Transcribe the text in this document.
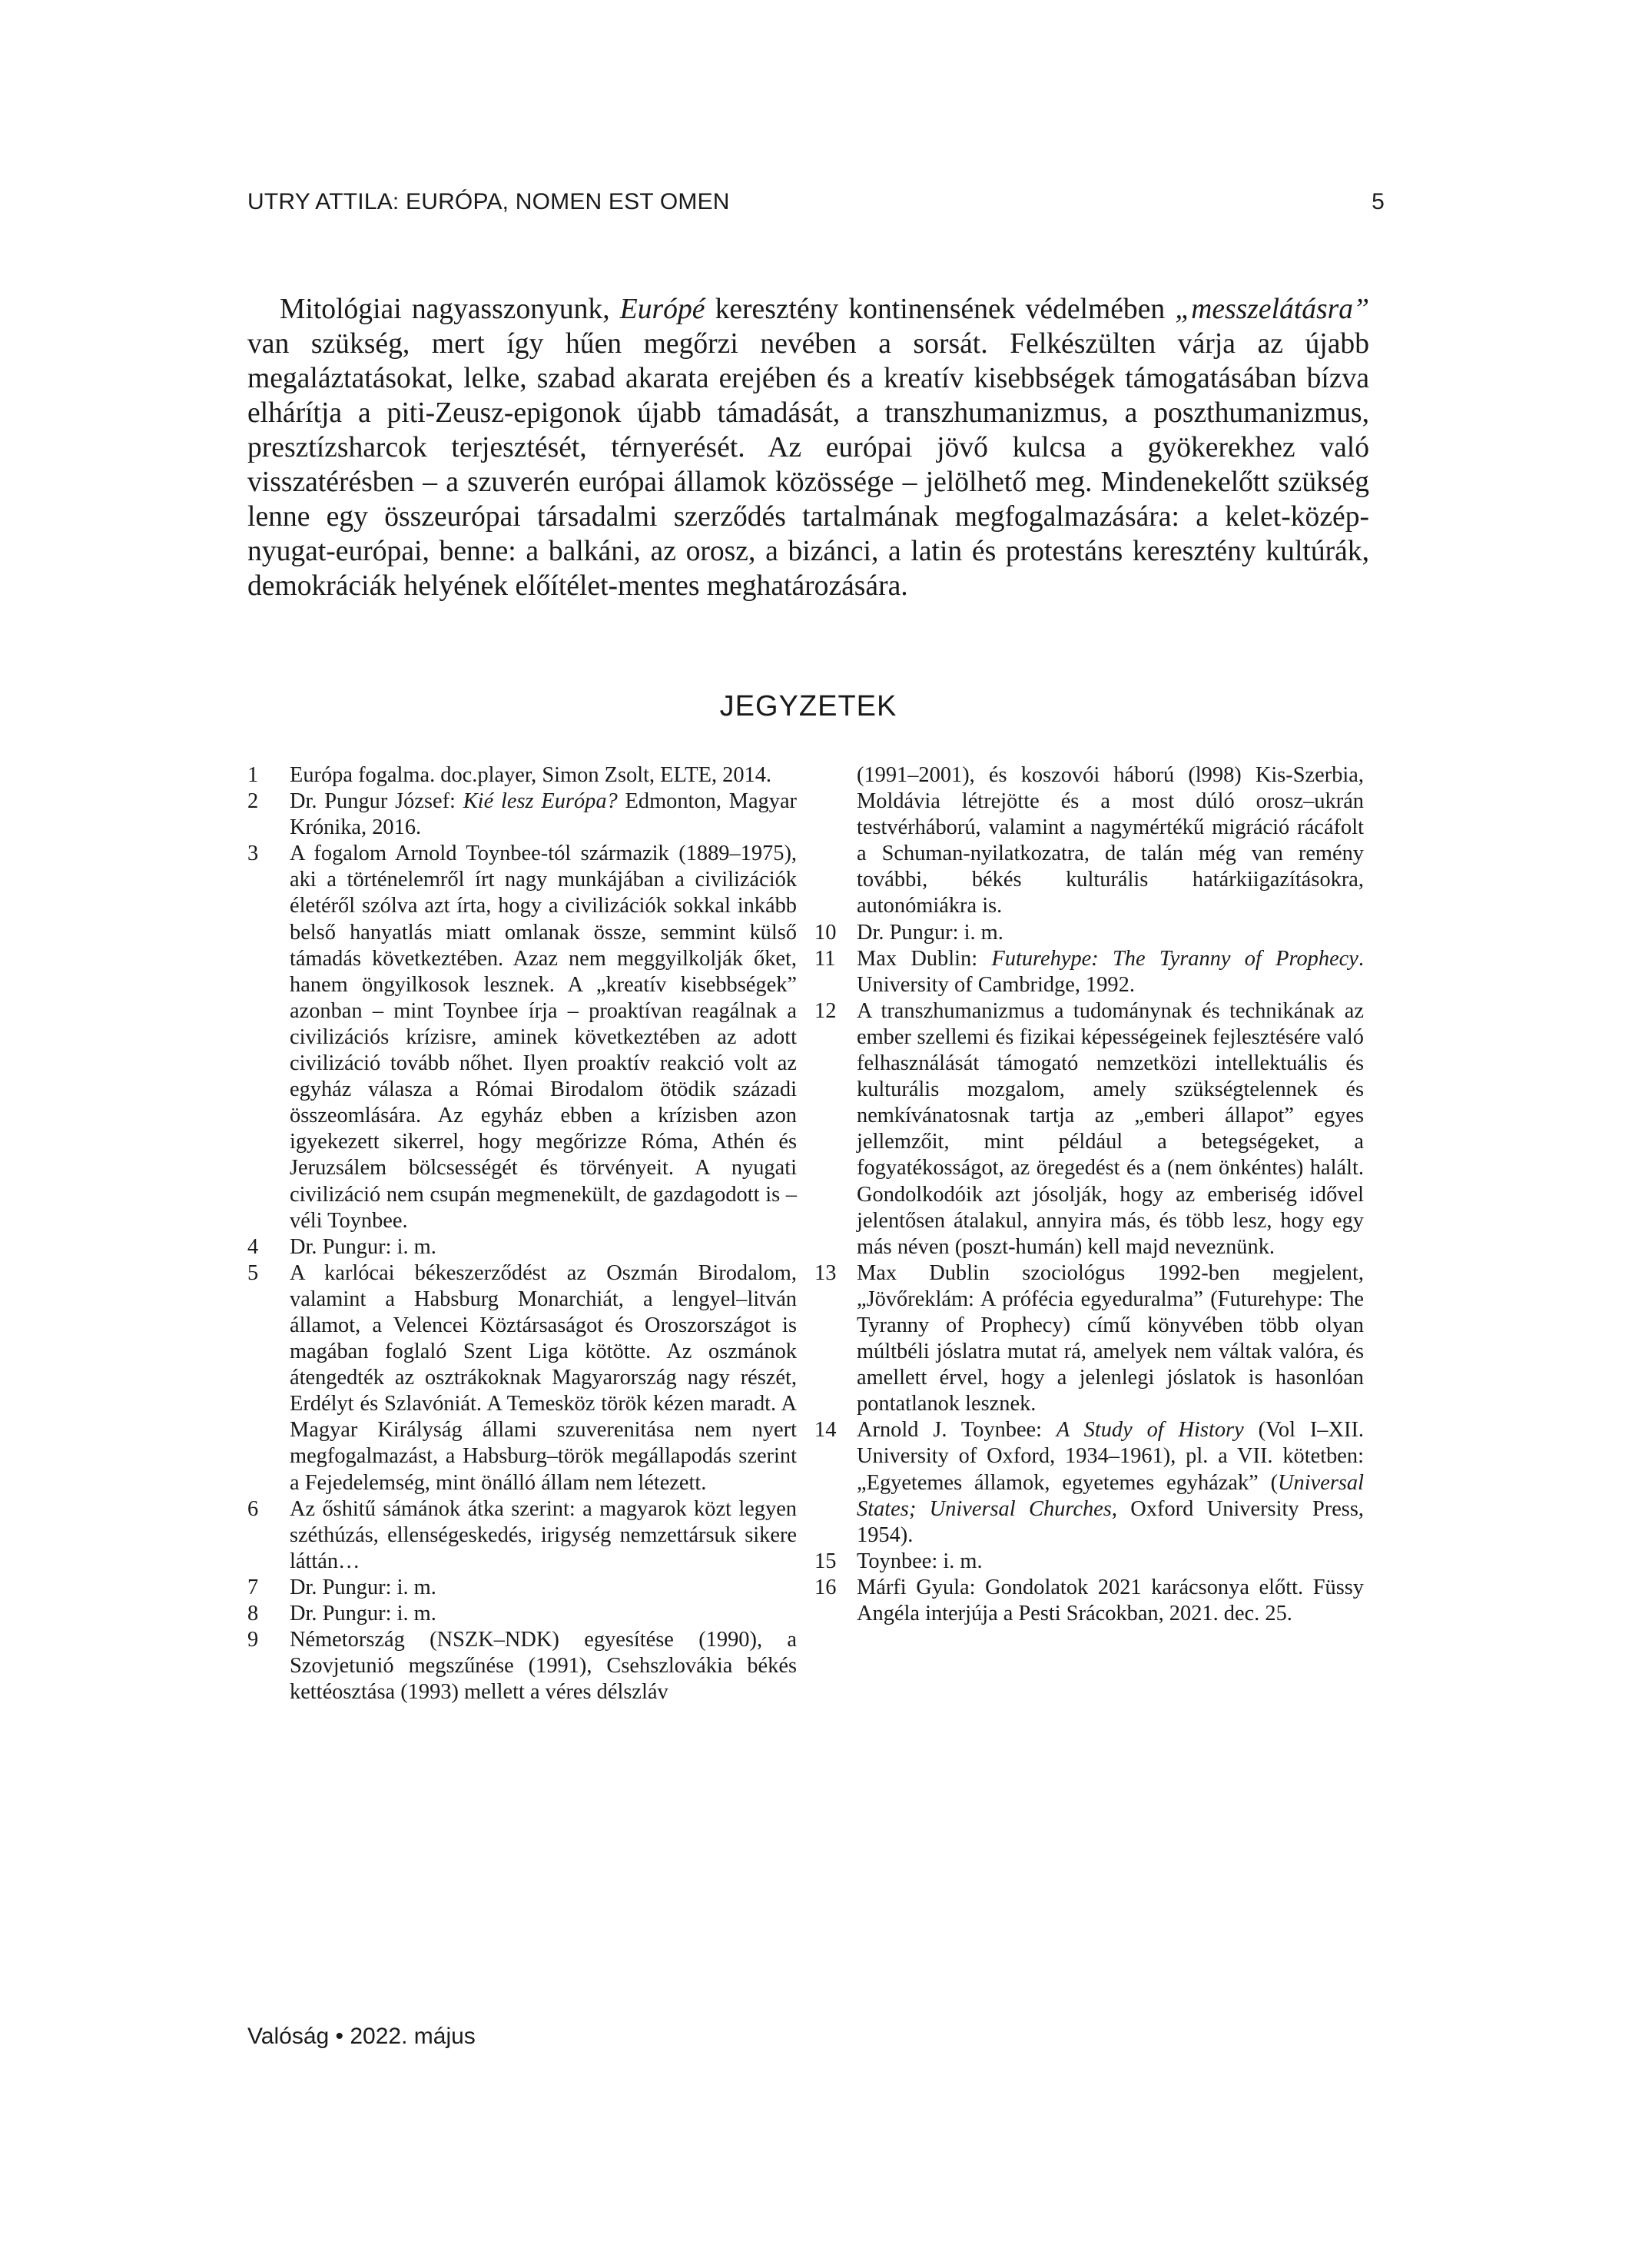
UTRY ATTILA: EURÓPA, NOMEN EST OMEN	5

Mitológiai nagyasszonyunk, Európé keresztény kontinensének védelmében „messzelátásra” van szükség, mert így hűen megőrzi nevében a sorsát. Felkészülten várja az újabb megaláztatásokat, lelke, szabad akarata erejében és a kreatív kisebbségek támogatásában bízva elhárítja a piti-Zeusz-epigonok újabb támadását, a transzhumanizmus, a poszthumanizmus, presztízsharcok terjesztését, térnyerését. Az európai jövő kulcsa a gyökerekhez való visszatérésben – a szuverén európai államok közössége – jelölhető meg. Mindenekelőtt szükség lenne egy összeurópai társadalmi szerződés tartalmának megfogalmazására: a kelet-közép-nyugat-európai, benne: a balkáni, az orosz, a bizánci, a latin és protestáns keresztény kultúrák, demokráciák helyének előítélet-mentes meghatározására.

JEGYZETEK
1	Európa fogalma. doc.player, Simon Zsolt, ELTE, 2014.
2	Dr. Pungur József: Kié lesz Európa? Edmonton, Magyar Krónika, 2016.
3	A fogalom Arnold Toynbee-tól származik (1889–1975), aki a történelemről írt nagy munkájában a civilizációk életéről szólva azt írta, hogy a civilizációk sokkal inkább belső hanyatlás miatt omlanak össze, semmint külső támadás következtében. Azaz nem meggyilkolják őket, hanem öngyilkosok lesznek. A „kreatív kisebbségek” azonban – mint Toynbee írja – proaktívan reagálnak a civilizációs krízisre, aminek következtében az adott civilizáció tovább nőhet. Ilyen proaktív reakció volt az egyház válasza a Római Birodalom ötödik századi összeomlására. Az egyház ebben a krízisben azon igyekezett sikerrel, hogy megőrizze Róma, Athén és Jeruzsálem bölcsességét és törvényeit. A nyugati civilizáció nem csupán megmenekült, de gazdagodott is – véli Toynbee.
4	Dr. Pungur: i. m.
5	A karlócai békeszerződést az Oszmán Birodalom, valamint a Habsburg Monarchiát, a lengyel–litván államot, a Velencei Köztársaságot és Oroszországot is magában foglaló Szent Liga kötötte. Az oszmánok átengedték az osztrákoknak Magyarország nagy részét, Erdélyt és Szlavóniát. A Temesköz török kézen maradt. A Magyar Királyság állami szuverenitása nem nyert megfogalmazást, a Habsburg–török megállapodás szerint a Fejedelemség, mint önálló állam nem létezett.
6	Az őshitű sámánok átka szerint: a magyarok közt legyen széthúzás, ellenségeskedés, irigység nemzettársuk sikere láttán…
7	Dr. Pungur: i. m.
8	Dr. Pungur: i. m.
9	Németország (NSZK–NDK) egyesítése (1990), a Szovjetunió megszűnése (1991), Csehszlovákia békés kettéosztása (1993) mellett a véres délszláv
(1991–2001), és koszovói háború (l998) Kis-Szerbia, Moldávia létrejötte és a most dúló orosz–ukrán testvérháború, valamint a nagymértékű migráció rácáfolt a Schuman-nyilatkozatra, de talán még van remény további, békés kulturális határkiigazításokra, autonómiákra is.
10 Dr. Pungur: i. m.
11 Max Dublin: Futurehype: The Tyranny of Prophecy. University of Cambridge, 1992.
12 A transzhumanizmus a tudománynak és technikának az ember szellemi és fizikai képességeinek fejlesztésére való felhasználását támogató nemzetközi intellektuális és kulturális mozgalom, amely szükségtelennek és nemkívánatosnak tartja az „emberi állapot” egyes jellemzőit, mint például a betegségeket, a fogyatékosságot, az öregedést és a (nem önkéntes) halált. Gondolkodóik azt jósolják, hogy az emberiség idővel jelentősen átalakul, annyira más, és több lesz, hogy egy más néven (poszt-humán) kell majd neveznünk.
13 Max Dublin szociológus 1992-ben megjelent, „Jövőreklám: A prófécia egyeduralma” (Futurehype: The Tyranny of Prophecy) című könyvében több olyan múltbéli jóslatra mutat rá, amelyek nem váltak valóra, és amellett érvel, hogy a jelenlegi jóslatok is hasonlóan pontatlanok lesznek.
14 Arnold J. Toynbee: A Study of History (Vol I–XII. University of Oxford, 1934–1961), pl. a VII. kötetben: „Egyetemes államok, egyetemes egyházak” (Universal States; Universal Churches, Oxford University Press, 1954).
15 Toynbee: i. m.
16 Márfi Gyula: Gondolatok 2021 karácsonya előtt. Füssy Angéla interjúja a Pesti Srácokban, 2021. dec. 25.
Valóság • 2022. május
